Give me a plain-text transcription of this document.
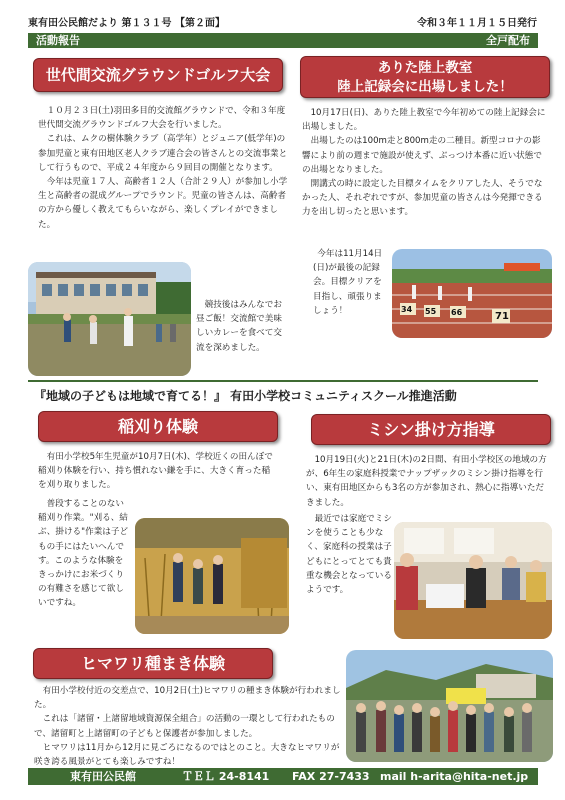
東有田公民館だより 第１３１号 【第２面】	令和３年１１月１５日発行
活動報告	全戸配布
世代間交流グラウンドゴルフ大会

１０月２３日(土)羽田多目的交流館グラウンドで、令和３年度世代間交流グラウンドゴルフ大会を行いました。

これは、ムクの樹体験クラブ（高学年）とジュニア(低学年)の参加児童と東有田地区老人クラブ連合会の皆さんとの交流事業として行うもので、平成２４年度から９回目の開催となります。

今年は児童１７人、高齢者１２人（合計２９人）が参加し小学生と高齢者の混成グループでラウンド。児童の皆さんは、高齢者の方から優しく教えてもらいながら、楽しくプレイができました。

競技後はみんなでお昼ご飯！交流館で美味しいカレーを食べて交流を深めました。

ありた陸上教室
陸上記録会に出場しました！

10月17日(日)、ありた陸上教室で今年初めての陸上記録会に出場しました。

出場したのは100m走と800m走の二種目。新型コロナの影響により前の週まで施設が使えず、ぶっつけ本番に近い状態での出場となりました。

開講式の時に設定した目標タイムをクリアした人、そうでなかった人、それぞれですが、参加児童の皆さんは今発揮できる力を出し切ったと思います。

今年は11月14日(日)が最後の記録会。目標クリアを目指し、頑張りましょう！	34 55 66	71
『地域の子どもは地域で育てる！』 有田小学校コミュニティスクール推進活動
稲刈り体験

有田小学校5年生児童が10月7日(木)、学校近くの田んぼで稲刈り体験を行い、持ち慣れない鎌を手に、大きく育った稲を刈り取りました。

普段することのない稲刈り作業。"刈る、結ぶ、掛ける"作業は子どもの手にはたいへんです。このような体験をきっかけにお米づくりの有難さを感じて欲しいですね。

ミシン掛け方指導

10月19日(火)と21日(木)の2日間、有田小学校区の地域の方が、6年生の家庭科授業でナップザックのミシン掛け指導を行い、東有田地区からも3名の方が参加され、熱心に指導いただきました。

最近では家庭でミシンを使うことも少なく、家庭科の授業は子どもにとってとても貴重な機会となっているようです。

ヒマワリ種まき体験

有田小学校付近の交差点で、10月2日(土)ヒマワリの種まき体験が行われました。

これは「諸留・上諸留地域資源保全組合」の活動の一環として行われたもので、諸留町と上諸留町の子どもと保護者が参加しました。

ヒマワリは11月から12月に見ごろになるのではとのこと。大きなヒマワリが咲き誇る風景がとても楽しみですね！

東有田公民館	ＴＥＬ 24-8141 FAX 27-7433 mail h-arita@hita-net.jp
